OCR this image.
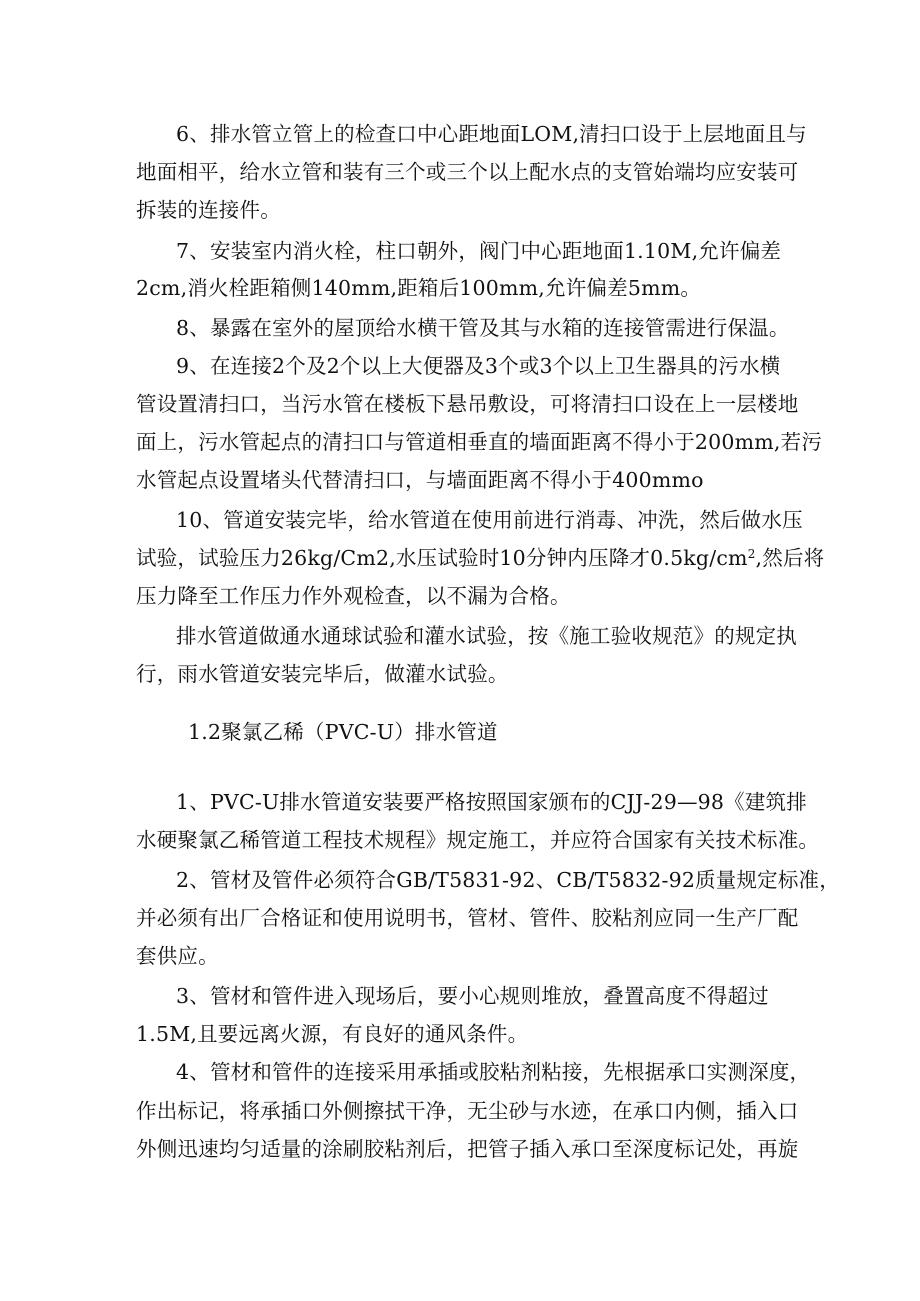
6、排水管立管上的检查口中心距地面LOM,清扫口设于上层地面且与
地面相平，给水立管和装有三个或三个以上配水点的支管始端均应安装可
拆装的连接件。
7、安装室内消火栓，柱口朝外，阀门中心距地面1.10M,允许偏差
2cm,消火栓距箱侧140mm,距箱后100mm,允许偏差5mm。
8、暴露在室外的屋顶给水横干管及其与水箱的连接管需进行保温。
9、在连接2个及2个以上大便器及3个或3个以上卫生器具的污水横
管设置清扫口，当污水管在楼板下悬吊敷设，可将清扫口设在上一层楼地
面上，污水管起点的清扫口与管道相垂直的墙面距离不得小于200mm,若污
水管起点设置堵头代替清扫口，与墙面距离不得小于400mmo
10、管道安装完毕，给水管道在使用前进行消毒、冲洗，然后做水压
试验，试验压力26kg∕Cm2,水压试验时10分钟内压降才$0.5kg∕cm^2$,然后将
压力降至工作压力作外观检查，以不漏为合格。
排水管道做通水通球试验和灌水试验，按《施工验收规范》的规定执
行，雨水管道安装完毕后，做灌水试验。
1.2聚氯乙稀（PVC-U）排水管道
1、PVC-U排水管道安装要严格按照国家颁布的CJJ-29—98《建筑排
水硬聚氯乙稀管道工程技术规程》规定施工，并应符合国家有关技术标准。
2、管材及管件必须符合GB/T5831-92、CB/T5832-92质量规定标准，
并必须有出厂合格证和使用说明书，管材、管件、胶粘剂应同一生产厂配
套供应。
3、管材和管件进入现场后，要小心规则堆放，叠置高度不得超过
1.5M,且要远离火源，有良好的通风条件。
4、管材和管件的连接采用承插或胶粘剂粘接，先根据承口实测深度，
作出标记，将承插口外侧擦拭干净，无尘砂与水迹，在承口内侧，插入口
外侧迅速均匀适量的涂刷胶粘剂后，把管子插入承口至深度标记处，再旋
